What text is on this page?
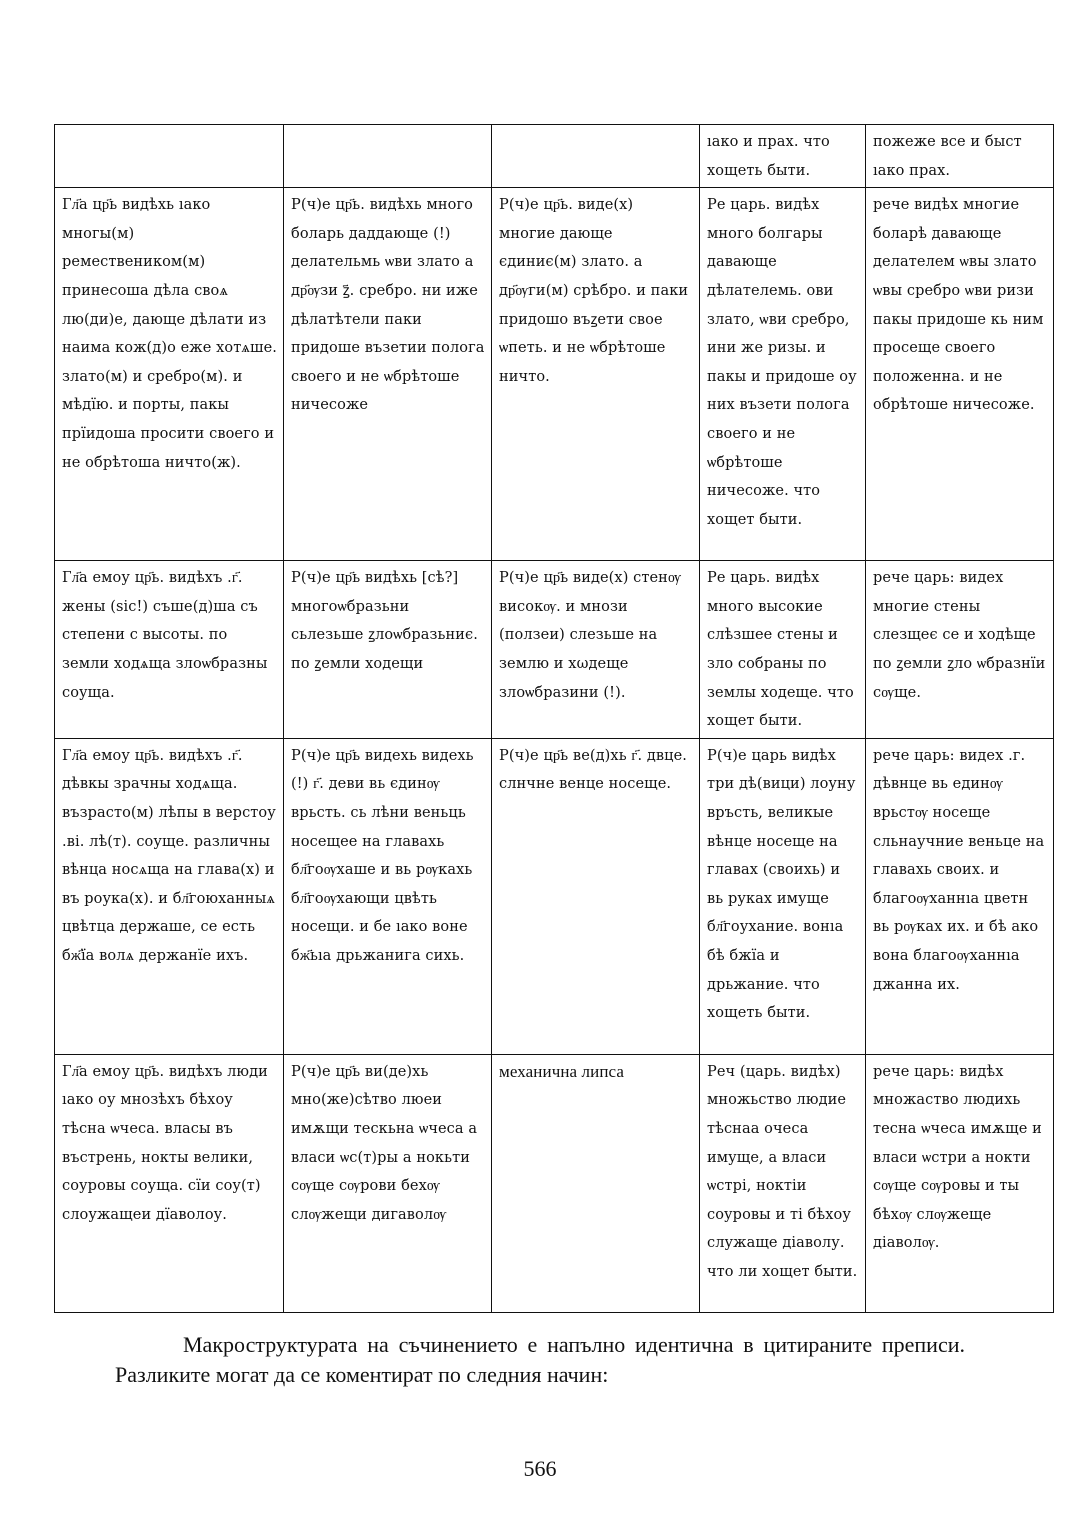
			ıако и прах. что хощеть быти.	пожеже все и быст ıако прах.
Гл҃а цр҃ь видѣхь ıако многы(м) ремествеником(м) принесоша дѣла своѧ лю(ди)е, дающе дѣлати из наима кож(д)о еже хотѧше. злато(м) и сребро(м). и мѣдїю. и порты, пакы прїидоша просити своего и не обрѣтоша ничто(ж).	Р(ч)е цр҃ь. видѣхь много боларь даддающе (!) делательмь ѡви злато а др҃ѹзи ꙁ҃. сребро. ни иже дѣлатѣтели паки придоше възетии полога своего и не ѡбрѣтоше ничесоже	Р(ч)е цр҃ь. виде(х) многие дающе єдиниє(м) злато. а др҃ѹги(м) срѣбро. и паки придошо въꙁети свое ѡпеть. и не ѡбрѣтоше ничто.	Ре царь. видѣх много болгары давающе дѣлателемь. ови злато, ѡви сребро, ини же ризы. и пакы и придоше оу них възети полога своего и не ѡбрѣтоше ничесоже. что хощет быти.	рече видѣх многие боларѣ давающе делателем ѡвы злато ѡвы сребро ѡви ризи пакы придоше кь ним просеще своего положенна. и не обрѣтоше ничесоже.
Гл҃а емоу цр҃ь. видѣхъ .г҃. жены (sic!) съше(д)ша съ степени с высоты. по земли ходѧща злоѡбразны соуща.	Р(ч)е цр҃ь видѣхь [сѣ?] многоѡбразьни сьлезьше ꙁлоѡбразьниє. по ꙁемли ходещи	Р(ч)е цр҃ь виде(х) стенѹ високѹ. и мнози (ползеи) слезьше на землю и хωдеще злоѡбразини (!).	Ре царь. видѣх много высокие слѣзшее стены и зло собраны по землы ходеще. что хощет быти.	рече царь: видех многие стены слезщеє се и ходѣще по ꙁемли ꙁло ѡбразнїи сѹще.
Гл҃а емоу цр҃ь. видѣхъ .г҃. дѣвкы зрачны ходѧща. възрасто(м) лѣпы в верстоу .ві. лѣ(т). соуще. различны вѣнца носѧща на глава(х) и въ роука(х). и бл҃гоюханныѧ цвѣтца держаше, се есть бж҃їа волѧ держанїе ихъ.	Р(ч)е цр҃ь видехь видехь (!) г҃. деви вь єдинѹ врьсть. сь лѣни веньць носещее на главахь бл҃гоѹхаше и вь рѹкахь бл҃гоѹхающи цвѣть носещи. и бе ıако воне бж҃ьıа дрьжанига сихь.	Р(ч)е цр҃ь ве(д)хь г҃. двце. слнчне венце носеще.	Р(ч)е царь видѣх три дѣ(вици) лоуну връсть, великые вѣнце носеще на главах (своихь) и вь руках имуще бл҃гоухание. вонıа бѣ бжїа и дрьжание. что хощеть быти.	рече царь: видех .г. дѣвнце вь единѹ врьстѹ носеще сльнаучние веньце на главахь своих. и благоѹханнıа цветн вь рѹках их. и бѣ ако вона благоѹханнıа джанна их.
Гл҃а емоу цр҃ь. видѣхъ люди ıако оу мнозѣхъ бѣхоу тѣсна ѡчеса. власы въ въстрень, нокты велики, соуровы соуща. сїи соу(т) слоужащеи дїаволоу.	Р(ч)е цр҃ь ви(де)хь мно(же)сѣтво люеи имѫщи тескьна ѡчеса а власи ѡс(т)ры а нокьти сѹще сѹрови бехѹ слѹжещи дигаволѹ	механична липса	Реч (царь. видѣх) множьство людие тѣснаа очеса имуще, а власи ѡстрi, ноктiи соуровы и тi бѣхоу служаще дiаволу. что ли хощет быти.	рече царь: видѣх множаство людиxь тесна ѡчеса имѫще и власи ѡстри а нокти сѹще сѹровы и ты бѣхѹ слѹжеще дiаволѹ.

Макроструктурата на съчинението е напълно идентична в цитираните преписи. Разликите могат да се коментират по следния начин:

566
